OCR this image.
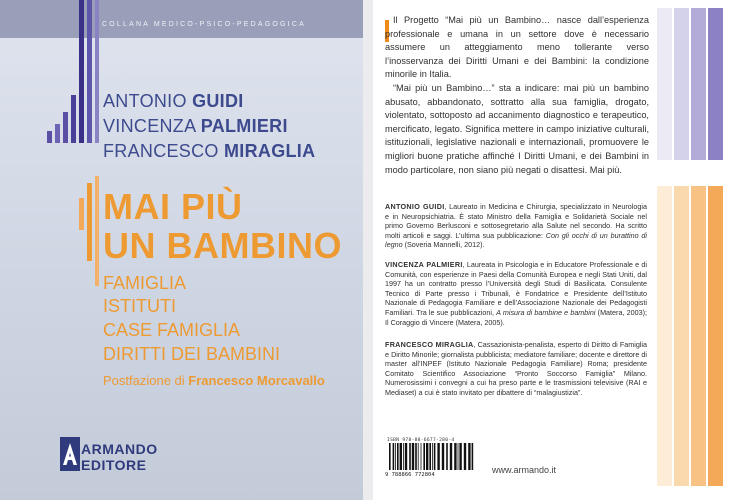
COLLANA MEDICO-PSICO-PEDAGOGICA
ANTONIO GUIDI
VINCENZA PALMIERI
FRANCESCO MIRAGLIA
MAI PIÙ
UN BAMBINO
FAMIGLIA
ISTITUTI
CASE FAMIGLIA
DIRITTI DEI BAMBINI
Postfazione di Francesco Morcavallo
ARMANDO
EDITORE

Il Progetto “Mai più un Bambino… nasce dall’esperienza professionale e umana in un settore dove è necessario assumere un atteggiamento meno tollerante verso l’inosservanza dei Diritti Umani e dei Bambini: la condizione minorile in Italia.

“Mai più un Bambino…” sta a indicare: mai più un bambino abusato, abbandonato, sottratto alla sua famiglia, drogato, violentato, sottoposto ad accanimento diagnostico e terapeutico, mercificato, legato. Significa mettere in campo iniziative culturali, istituzionali, legislative nazionali e internazionali, promuovere le migliori buone pratiche affinché I Diritti Umani, e dei Bambini in modo particolare, non siano più negati o disattesi. Mai più.

ANTONIO GUIDI, Laureato in Medicina e Chirurgia, specializzato in Neurologia e in Neuropsichiatria. È stato Ministro della Famiglia e Solidarietà Sociale nel primo Governo Berlusconi e sottosegretario alla Salute nel secondo. Ha scritto molti articoli e saggi. L’ultima sua pubblicazione: Con gli occhi di un burattino di legno (Soveria Mannelli, 2012).
VINCENZA PALMIERI, Laureata in Psicologia e in Educatore Professionale e di Comunità, con esperienze in Paesi della Comunità Europea e negli Stati Uniti, dal 1997 ha un contratto presso l’Università degli Studi di Basilicata. Consulente Tecnico di Parte presso i Tribunali, è Fondatrice e Presidente dell’Istituto Nazionale di Pedagogia Familiare e dell’Associazione Nazionale dei Pedagogisti Familiari. Tra le sue pubblicazioni, A misura di bambine e bambini (Matera, 2003); Il Coraggio di Vincere (Matera, 2005).
FRANCESCO MIRAGLIA, Cassazionista-penalista, esperto di Diritto di Famiglia e Diritto Minorile; giornalista pubblicista; mediatore familiare; docente e direttore di master all’INPEF (Istituto Nazionale Pedagogia Familiare) Roma; presidente Comitato Scientifico Associazione “Pronto Soccorso Famiglia” Milano. Numerosissimi i convegni a cui ha preso parte e le trasmissioni televisive (RAI e Mediaset) a cui è stato invitato per dibattere di “malagiustizia”.
ISBN 978-88-6677-280-4
9 788866 772804	www.armando.it
